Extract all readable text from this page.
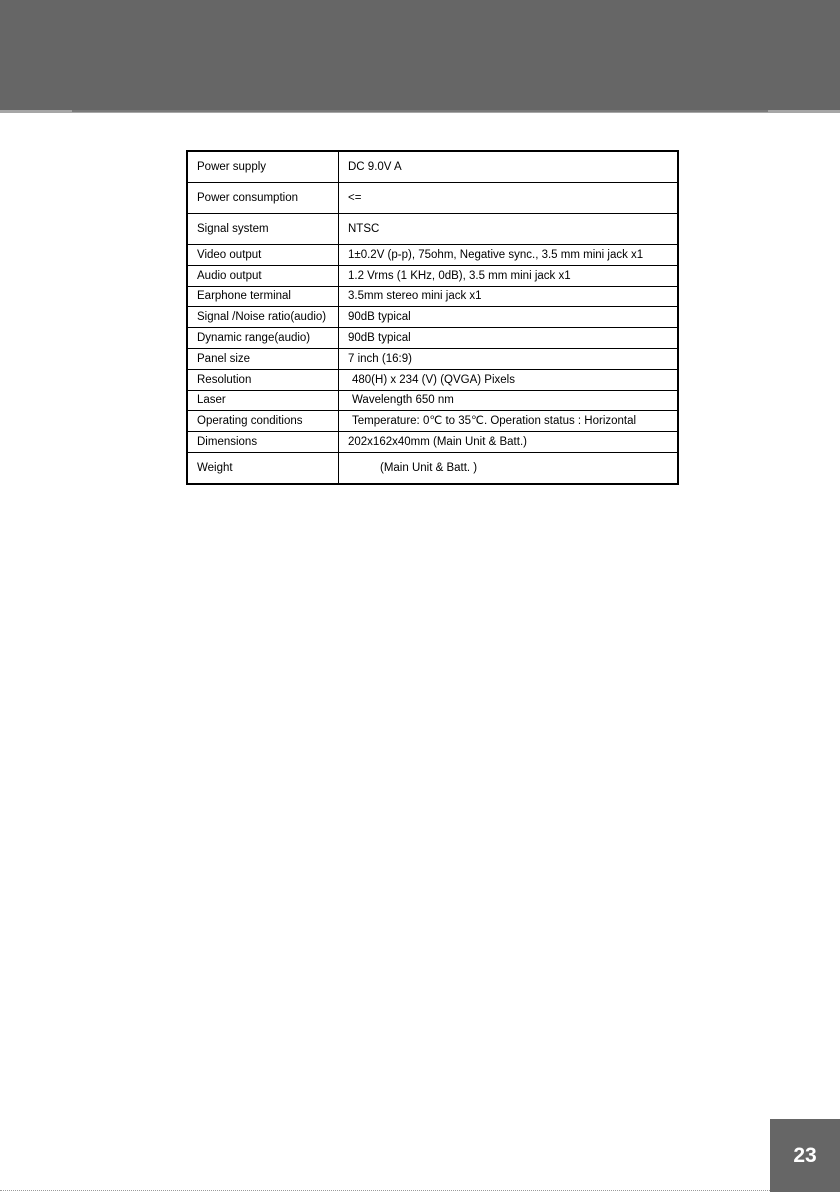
Power supply	DC 9.0V A
Power consumption	<=
Signal system	NTSC
Video output	1±0.2V (p-p), 75ohm, Negative sync., 3.5 mm mini jack x1
Audio output	1.2 Vrms (1 KHz, 0dB), 3.5 mm mini jack x1
Earphone terminal	3.5mm stereo mini jack x1
Signal /Noise ratio(audio)	90dB typical
Dynamic range(audio)	90dB typical
Panel size	7 inch (16:9)
Resolution	480(H) x 234 (V) (QVGA) Pixels
Laser	Wavelength 650 nm
Operating conditions	Temperature: 0℃ to 35℃. Operation status : Horizontal
Dimensions	202x162x40mm (Main Unit & Batt.)
Weight	(Main Unit & Batt. )
23
